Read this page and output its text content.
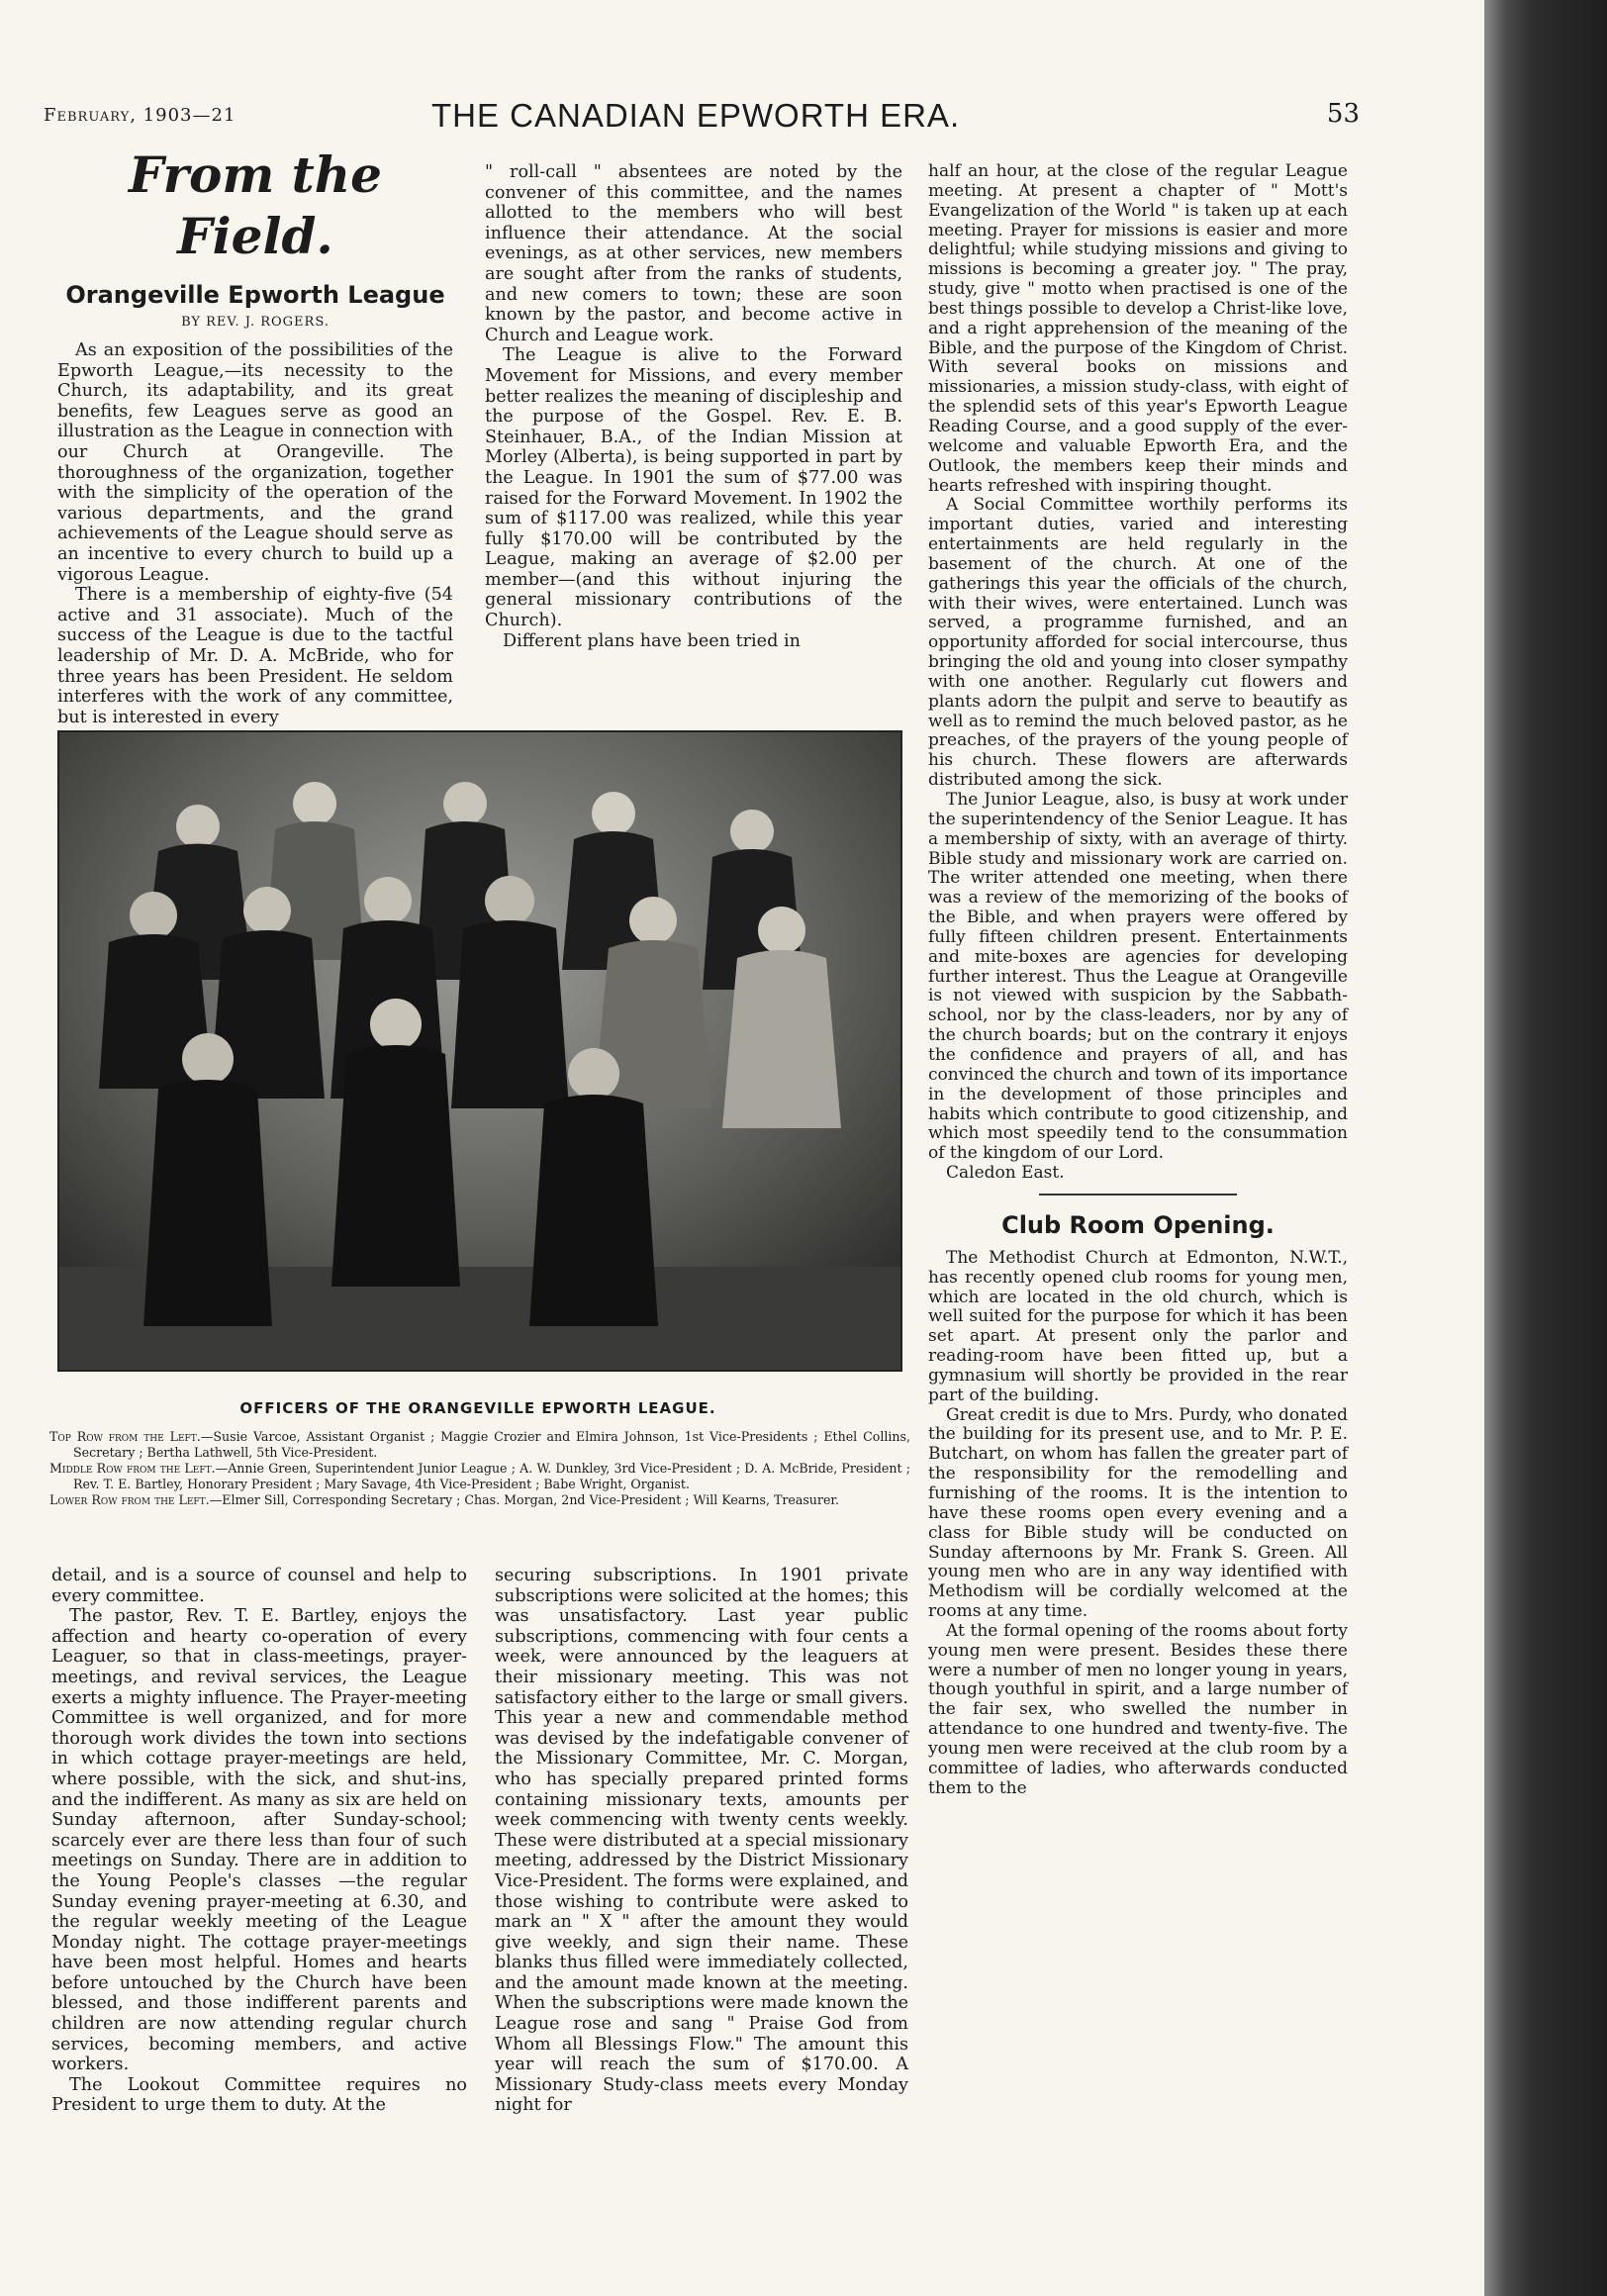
February, 1903—21	THE CANADIAN EPWORTH ERA.	53
From the Field.
Orangeville Epworth League
BY REV. J. ROGERS.

As an exposition of the possibilities of the Epworth League,—its necessity to the Church, its adaptability, and its great benefits, few Leagues serve as good an illustration as the League in connection with our Church at Orangeville. The thoroughness of the organization, together with the simplicity of the operation of the various departments, and the grand achievements of the League should serve as an incentive to every church to build up a vigorous League.

There is a membership of eighty-five (54 active and 31 associate). Much of the success of the League is due to the tactful leadership of Mr. D. A. McBride, who for three years has been President. He seldom interferes with the work of any committee, but is interested in every

" roll-call " absentees are noted by the convener of this committee, and the names allotted to the members who will best influence their attendance. At the social evenings, as at other services, new members are sought after from the ranks of students, and new comers to town; these are soon known by the pastor, and become active in Church and League work.

The League is alive to the Forward Movement for Missions, and every member better realizes the meaning of discipleship and the purpose of the Gospel. Rev. E. B. Steinhauer, B.A., of the Indian Mission at Morley (Alberta), is being supported in part by the League. In 1901 the sum of $77.00 was raised for the Forward Movement. In 1902 the sum of $117.00 was realized, while this year fully $170.00 will be contributed by the League, making an average of $2.00 per member—(and this without injuring the general missionary contributions of the Church).

Different plans have been tried in

half an hour, at the close of the regular League meeting. At present a chapter of " Mott's Evangelization of the World " is taken up at each meeting. Prayer for missions is easier and more delightful; while studying missions and giving to missions is becoming a greater joy. " The pray, study, give " motto when practised is one of the best things possible to develop a Christ-like love, and a right apprehension of the meaning of the Bible, and the purpose of the Kingdom of Christ. With several books on missions and missionaries, a mission study-class, with eight of the splendid sets of this year's Epworth League Reading Course, and a good supply of the ever-welcome and valuable Epworth Era, and the Outlook, the members keep their minds and hearts refreshed with inspiring thought.

A Social Committee worthily performs its important duties, varied and interesting entertainments are held regularly in the basement of the church. At one of the gatherings this year the officials of the church, with their wives, were entertained. Lunch was served, a programme furnished, and an opportunity afforded for social intercourse, thus bringing the old and young into closer sympathy with one another. Regularly cut flowers and plants adorn the pulpit and serve to beautify as well as to remind the much beloved pastor, as he preaches, of the prayers of the young people of his church. These flowers are afterwards distributed among the sick.

The Junior League, also, is busy at work under the superintendency of the Senior League. It has a membership of sixty, with an average of thirty. Bible study and missionary work are carried on. The writer attended one meeting, when there was a review of the memorizing of the books of the Bible, and when prayers were offered by fully fifteen children present. Entertainments and mite-boxes are agencies for developing further interest. Thus the League at Orangeville is not viewed with suspicion by the Sabbath-school, nor by the class-leaders, nor by any of the church boards; but on the contrary it enjoys the confidence and prayers of all, and has convinced the church and town of its importance in the development of those principles and habits which contribute to good citizenship, and which most speedily tend to the consummation of the kingdom of our Lord.

Caledon East.

Club Room Opening.

The Methodist Church at Edmonton, N.W.T., has recently opened club rooms for young men, which are located in the old church, which is well suited for the purpose for which it has been set apart. At present only the parlor and reading-room have been fitted up, but a gymnasium will shortly be provided in the rear part of the building.

Great credit is due to Mrs. Purdy, who donated the building for its present use, and to Mr. P. E. Butchart, on whom has fallen the greater part of the responsibility for the remodelling and furnishing of the rooms. It is the intention to have these rooms open every evening and a class for Bible study will be conducted on Sunday afternoons by Mr. Frank S. Green. All young men who are in any way identified with Methodism will be cordially welcomed at the rooms at any time.

At the formal opening of the rooms about forty young men were present. Besides these there were a number of men no longer young in years, though youthful in spirit, and a large number of the fair sex, who swelled the number in attendance to one hundred and twenty-five. The young men were received at the club room by a committee of ladies, who afterwards conducted them to the

OFFICERS OF THE ORANGEVILLE EPWORTH LEAGUE.

Top Row from the Left.—Susie Varcoe, Assistant Organist ; Maggie Crozier and Elmira Johnson, 1st Vice-Presidents ; Ethel Collins, Secretary ; Bertha Lathwell, 5th Vice-President.

Middle Row from the Left.—Annie Green, Superintendent Junior League ; A. W. Dunkley, 3rd Vice-President ; D. A. McBride, President ; Rev. T. E. Bartley, Honorary President ; Mary Savage, 4th Vice-President ; Babe Wright, Organist.

Lower Row from the Left.—Elmer Sill, Corresponding Secretary ; Chas. Morgan, 2nd Vice-President ; Will Kearns, Treasurer.

detail, and is a source of counsel and help to every committee.

The pastor, Rev. T. E. Bartley, enjoys the affection and hearty co-operation of every Leaguer, so that in class-meetings, prayer-meetings, and revival services, the League exerts a mighty influence. The Prayer-meeting Committee is well organized, and for more thorough work divides the town into sections in which cottage prayer-meetings are held, where possible, with the sick, and shut-ins, and the indifferent. As many as six are held on Sunday afternoon, after Sunday-school; scarcely ever are there less than four of such meetings on Sunday. There are in addition to the Young People's classes —the regular Sunday evening prayer-meeting at 6.30, and the regular weekly meeting of the League Monday night. The cottage prayer-meetings have been most helpful. Homes and hearts before untouched by the Church have been blessed, and those indifferent parents and children are now attending regular church services, becoming members, and active workers.

The Lookout Committee requires no President to urge them to duty. At the

securing subscriptions. In 1901 private subscriptions were solicited at the homes; this was unsatisfactory. Last year public subscriptions, commencing with four cents a week, were announced by the leaguers at their missionary meeting. This was not satisfactory either to the large or small givers. This year a new and commendable method was devised by the indefatigable convener of the Missionary Committee, Mr. C. Morgan, who has specially prepared printed forms containing missionary texts, amounts per week commencing with twenty cents weekly. These were distributed at a special missionary meeting, addressed by the District Missionary Vice-President. The forms were explained, and those wishing to contribute were asked to mark an " X " after the amount they would give weekly, and sign their name. These blanks thus filled were immediately collected, and the amount made known at the meeting. When the subscriptions were made known the League rose and sang " Praise God from Whom all Blessings Flow." The amount this year will reach the sum of $170.00. A Missionary Study-class meets every Monday night for
